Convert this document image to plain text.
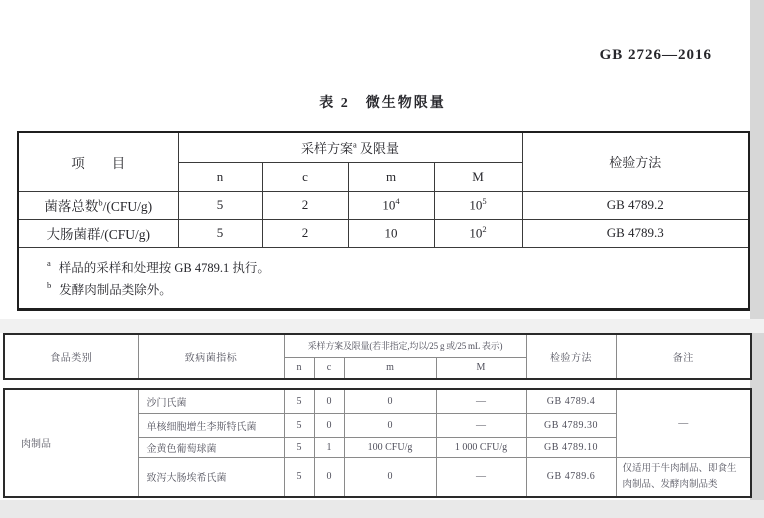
GB 2726—2016
表 2　微生物限量
项　　目	采样方案$^a$ 及限量				检验方法
	n	c	m	M	
菌落总数$^b$/(CFU/g)	5	2	$10^4$	$10^5$	GB 4789.2
大肠菌群/(CFU/g)	5	2	10	$10^2$	GB 4789.3

$^a$ 样品的采样和处理按 GB 4789.1 执行。
$^b$ 发酵肉制品类除外。					
食品类别	致病菌指标	采样方案及限量(若非指定,均以/25 g 或/25 mL 表示)				检验方法	备注
		n	c	m	M		
肉制品	沙门氏菌	5	0	0	—	GB 4789.4	—
	单核细胞增生李斯特氏菌	5	0	0	—	GB 4789.30	
	金黄色葡萄球菌	5	1	100 CFU/g	1 000 CFU/g	GB 4789.10	
	致泻大肠埃希氏菌	5	0	0	—	GB 4789.6	仅适用于牛肉制品、即食生肉制品、发酵肉制品类
